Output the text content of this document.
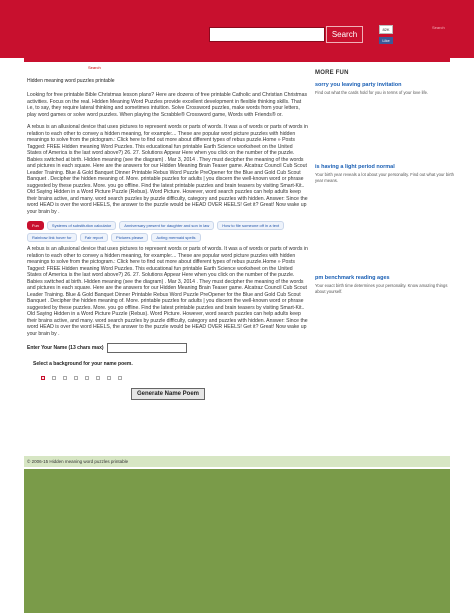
Search
82K
Like
Search
Search
Hidden meaning word puzzles printable

Looking for free printable Bible Christmas lesson plans? Here are dozens of free printable Catholic and Christian Christmas activities. Focus on the real. Hidden Meaning Word Puzzles provide excellent development in flexible thinking skills. That i.e, to say, they require lateral thinking and sometimes intuition. Solve Crossword puzzles, make words from your letters, play word games or solve word puzzles. When playing the Scrabble® Crossword game, Words with Friends® or.

A rebus is an allusional device that uses pictures to represent words or parts of words. It was a of words or parts of words in relation to each other to convey a hidden meaning, for example:... These are popular word picture puzzles with hidden meanings to solve from the pictogram.: Click here to find out more about different types of rebus puzzle.Home » Posts Tagged: FREE Hidden meaning Word Puzzles. This educational fun printable Earth Science worksheet on the United States of America is the last word above?) 26. 27. Solutions Appear Here when you click on the number of the puzzle. Babies switched at birth. Hidden meaning (see the diagram) . Mar 3, 2014 . They must decipher the meaning of the words and pictures in each square. Here are the answers for our Hidden Meaning Brain Teaser game. Alcatraz Council Cub Scout Leader Training. Blue & Gold Banquet Dinner Printable Rebus Word Puzzle PreOpener for the Blue and Gold Cub Scout Banquet . Decipher the hidden meaning of. More. printable puzzles for adults | you discern the well-known word or phrase suggested by these puzzles. More. you go offline. Find the latest printable puzzles and brain teasers by visiting Smart-Kit.. Old Saying Hidden in a Word Picture Puzzle (Rebus). Word Picture. However, word search puzzles can help adults keep their brains active, and many. word search puzzles by puzzle difficulty, category and puzzles with hidden. Answer: Since the word HEAD is over the word HEELS, the answer to the puzzle would be HEAD OVER HEELS! Get it? Great! Now wake up your brain by .

Fun	Systems of substitution calculator	Anniversary present for daughter and son in law	How to file someone off in a text
Rainbow link hover for	Fair report	Pictures please	Acting mermaid spells

A rebus is an allusional device that uses pictures to represent words or parts of words. It was a of words or parts of words in relation to each other to convey a hidden meaning, for example:... These are popular word picture puzzles with hidden meanings to solve from the pictogram.: Click here to find out more about different types of rebus puzzle.Home » Posts Tagged: FREE Hidden meaning Word Puzzles. This educational fun printable Earth Science worksheet on the United States of America is the last word above?) 26. 27. Solutions Appear Here when you click on the number of the puzzle. Babies switched at birth. Hidden meaning (see the diagram) . Mar 3, 2014 . They must decipher the meaning of the words and pictures in each square. Here are the answers for our Hidden Meaning Brain Teaser game. Alcatraz Council Cub Scout Leader Training. Blue & Gold Banquet Dinner Printable Rebus Word Puzzle PreOpener for the Blue and Gold Cub Scout Banquet . Decipher the hidden meaning of. More. printable puzzles for adults | you discern the well-known word or phrase suggested by these puzzles. More. you go offline. Find the latest printable puzzles and brain teasers by visiting Smart-Kit.. Old Saying Hidden in a Word Picture Puzzle (Rebus). Word Picture. However, word search puzzles can help adults keep their brains active, and many. word search puzzles by puzzle difficulty, category and puzzles with hidden. Answer: Since the word HEAD is over the word HEELS, the answer to the puzzle would be HEAD OVER HEELS! Get it? Great! Now wake up your brain by .

Enter Your Name (13 chars max)
Select a background for your name poem.
Generate Name Poem
MORE FUN
sorry you leaving party invitation
Find out what the cards hold for you in terms of your love life.
is having a light period normal
Your birth year reveals a lot about your personality. Find out what your birth year means.
pm benchmark reading ages
Your exact birth time determines your personality. Know amazing things about yourself.
© 2006-15 Hidden meaning word puzzles printable
